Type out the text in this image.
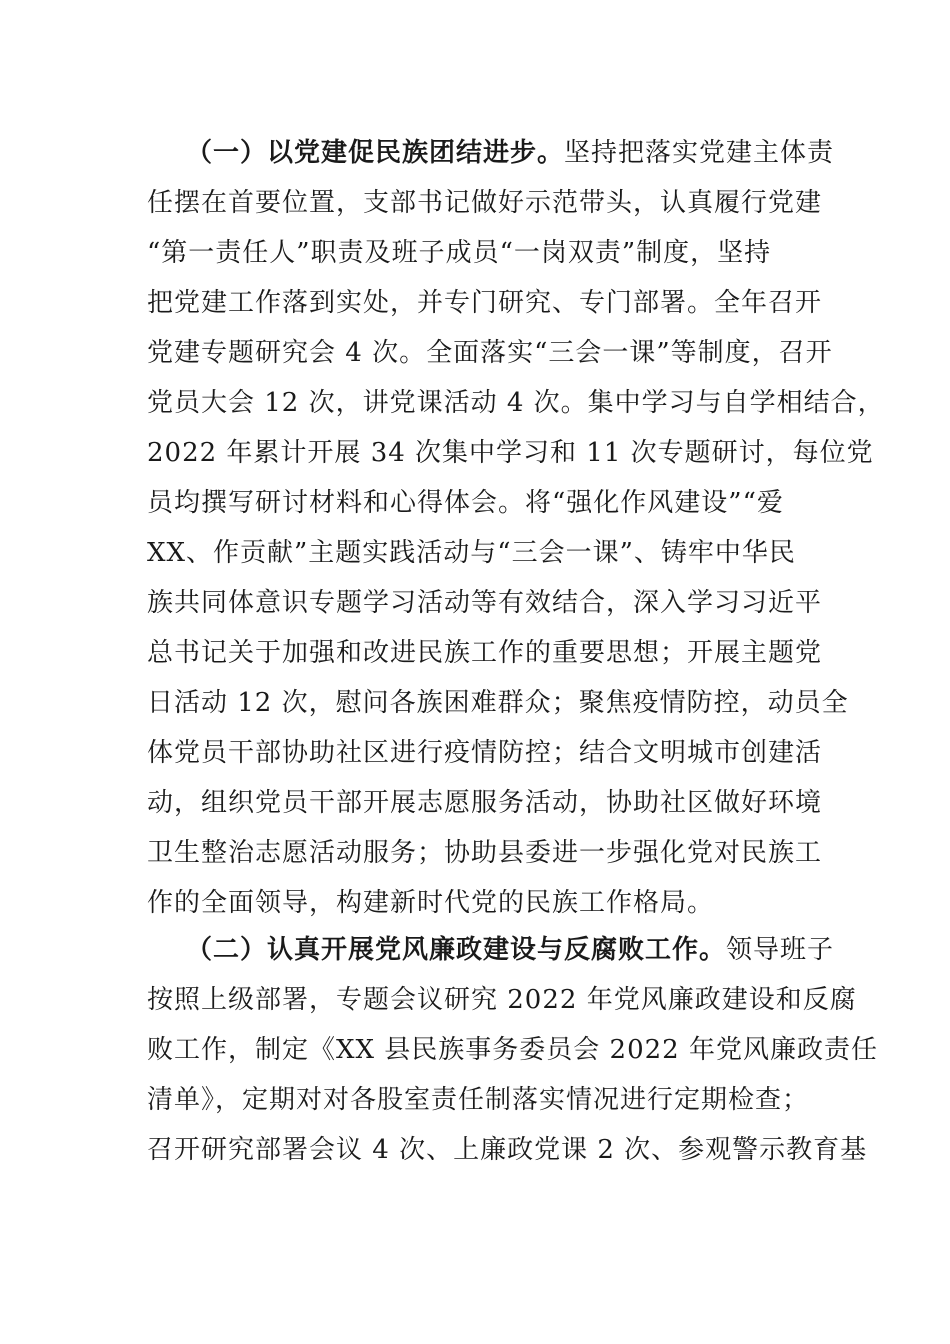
（一）以党建促民族团结进步。坚持把落实党建主体责
任摆在首要位置，支部书记做好示范带头，认真履行党建
“第一责任人”职责及班子成员“一岗双责”制度，坚持
把党建工作落到实处，并专门研究、专门部署。全年召开
党建专题研究会 4 次。全面落实“三会一课”等制度，召开
党员大会 12 次，讲党课活动 4 次。集中学习与自学相结合，
2022 年累计开展 34 次集中学习和 11 次专题研讨，每位党
员均撰写研讨材料和心得体会。将“强化作风建设”“爱
XX、作贡献”主题实践活动与“三会一课”、铸牢中华民
族共同体意识专题学习活动等有效结合，深入学习习近平
总书记关于加强和改进民族工作的重要思想；开展主题党
日活动 12 次，慰问各族困难群众；聚焦疫情防控，动员全
体党员干部协助社区进行疫情防控；结合文明城市创建活
动，组织党员干部开展志愿服务活动，协助社区做好环境
卫生整治志愿活动服务；协助县委进一步强化党对民族工
作的全面领导，构建新时代党的民族工作格局。
（二）认真开展党风廉政建设与反腐败工作。领导班子
按照上级部署，专题会议研究 2022 年党风廉政建设和反腐
败工作，制定《XX 县民族事务委员会 2022 年党风廉政责任
清单》，定期对对各股室责任制落实情况进行定期检查；
召开研究部署会议 4 次、上廉政党课 2 次、参观警示教育基
